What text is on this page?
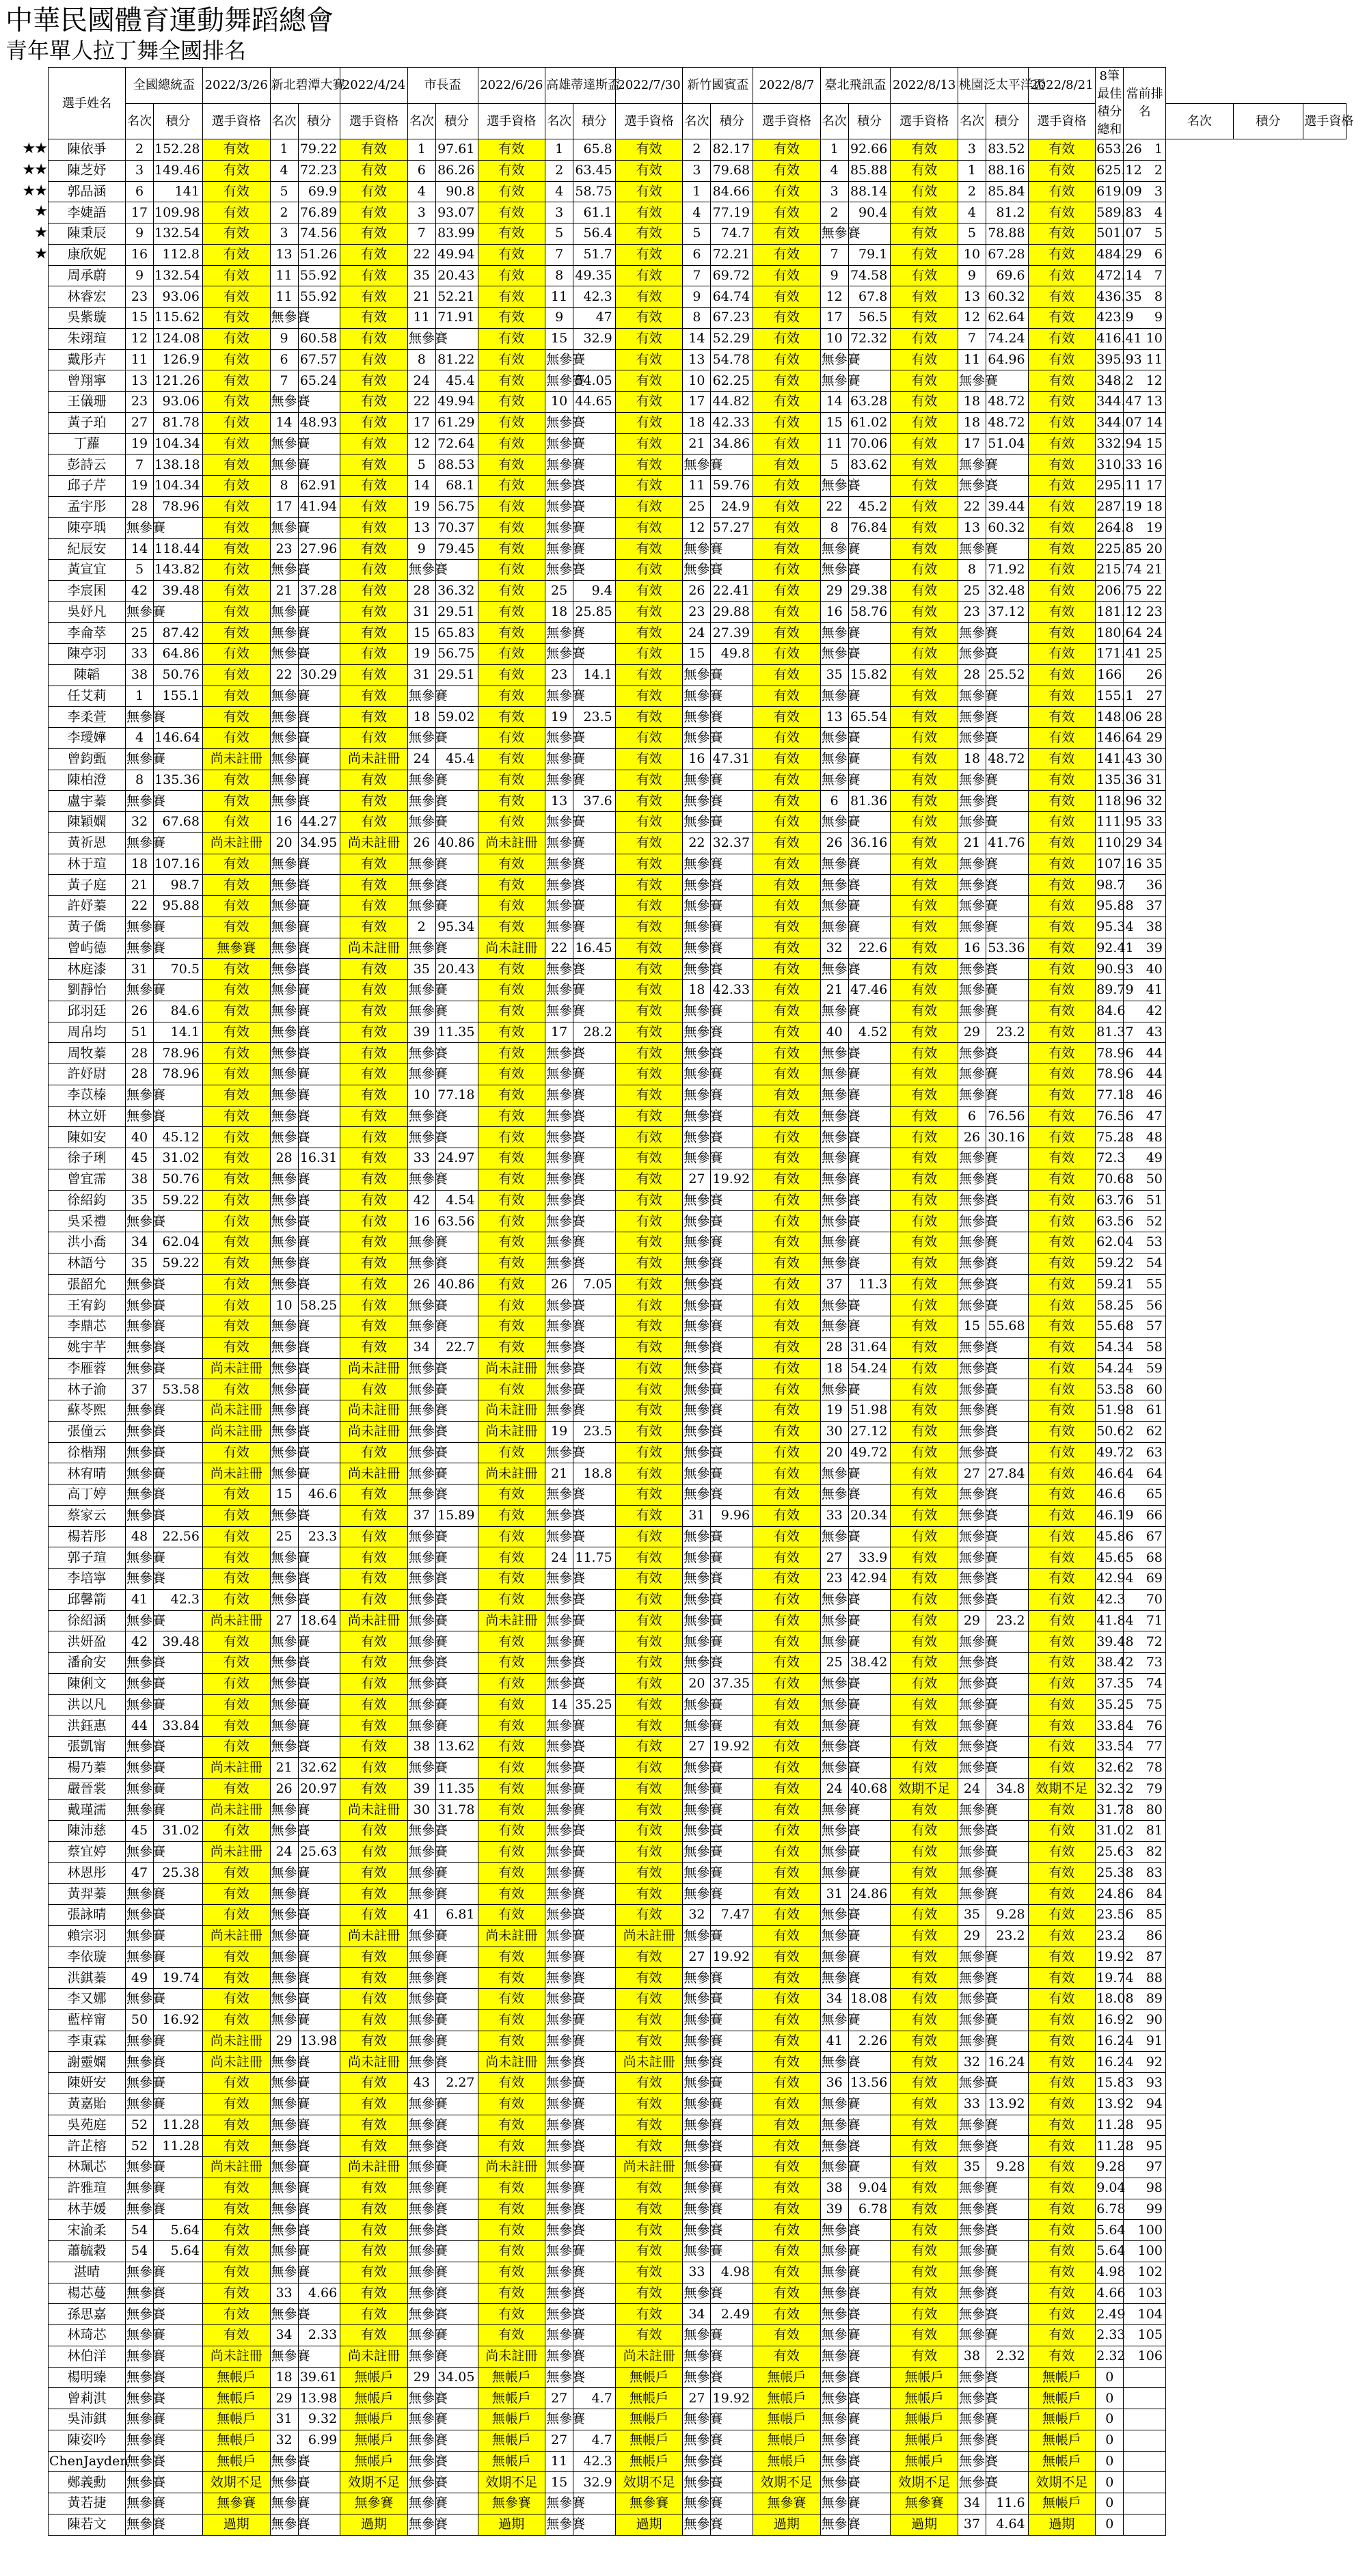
中華民國體育運動舞蹈總會
青年單人拉丁舞全國排名
★★
★★
★★
★
★
★
選手姓名	全國總統盃		2022/3/26	新北碧潭大賽		2022/4/24	市長盃		2022/6/26	高雄蒂達斯盃		2022/7/30	新竹國賓盃		2022/8/7	臺北飛訊盃		2022/8/13	桃園泛太平洋盃		2022/8/21	8筆最佳積分總和	當前排名			
	名次	積分	選手資格	名次	積分	選手資格	名次	積分	選手資格	名次	積分	選手資格	名次	積分	選手資格	名次	積分	選手資格	名次	積分	選手資格			名次	積分	選手資格
陳依爭	2	152.28	有效	1	79.22	有效	1	97.61	有效	1	65.8	有效	2	82.17	有效	1	92.66	有效	3	83.52	有效	653.26	1			
陳芝妤	3	149.46	有效	4	72.23	有效	6	86.26	有效	2	63.45	有效	3	79.68	有效	4	85.88	有效	1	88.16	有效	625.12	2			
郭品涵	6	141	有效	5	69.9	有效	4	90.8	有效	4	58.75	有效	1	84.66	有效	3	88.14	有效	2	85.84	有效	619.09	3			
李婕語	17	109.98	有效	2	76.89	有效	3	93.07	有效	3	61.1	有效	4	77.19	有效	2	90.4	有效	4	81.2	有效	589.83	4			
陳秉辰	9	132.54	有效	3	74.56	有效	7	83.99	有效	5	56.4	有效	5	74.7	有效	無參賽		有效	5	78.88	有效	501.07	5			
康欣妮	16	112.8	有效	13	51.26	有效	22	49.94	有效	7	51.7	有效	6	72.21	有效	7	79.1	有效	10	67.28	有效	484.29	6			
周承蔚	9	132.54	有效	11	55.92	有效	35	20.43	有效	8	49.35	有效	7	69.72	有效	9	74.58	有效	9	69.6	有效	472.14	7			
林睿宏	23	93.06	有效	11	55.92	有效	21	52.21	有效	11	42.3	有效	9	64.74	有效	12	67.8	有效	13	60.32	有效	436.35	8			
吳紫璇	15	115.62	有效	無參賽		有效	11	71.91	有效	9	47	有效	8	67.23	有效	17	56.5	有效	12	62.64	有效	423.9	9			
朱翊瑄	12	124.08	有效	9	60.58	有效	無參賽		有效	15	32.9	有效	14	52.29	有效	10	72.32	有效	7	74.24	有效	416.41	10			
戴彤卉	11	126.9	有效	6	67.57	有效	8	81.22	有效	無參賽		有效	13	54.78	有效	無參賽		有效	11	64.96	有效	395.93	11			
曾翔寧	13	121.26	有效	7	65.24	有效	24	45.4	有效	無參賽	54.05	有效	10	62.25	有效	無參賽		有效	無參賽		有效	348.2	12			
王儀珊	23	93.06	有效	無參賽		有效	22	49.94	有效	10	44.65	有效	17	44.82	有效	14	63.28	有效	18	48.72	有效	344.47	13			
黃子珀	27	81.78	有效	14	48.93	有效	17	61.29	有效	無參賽		有效	18	42.33	有效	15	61.02	有效	18	48.72	有效	344.07	14			
丁蘿	19	104.34	有效	無參賽		有效	12	72.64	有效	無參賽		有效	21	34.86	有效	11	70.06	有效	17	51.04	有效	332.94	15			
彭詩云	7	138.18	有效	無參賽		有效	5	88.53	有效	無參賽		有效	無參賽		有效	5	83.62	有效	無參賽		有效	310.33	16			
邱子芹	19	104.34	有效	8	62.91	有效	14	68.1	有效	無參賽		有效	11	59.76	有效	無參賽		有效	無參賽		有效	295.11	17			
孟宇彤	28	78.96	有效	17	41.94	有效	19	56.75	有效	無參賽		有效	25	24.9	有效	22	45.2	有效	22	39.44	有效	287.19	18			
陳亭瑀	無參賽		有效	無參賽		有效	13	70.37	有效	無參賽		有效	12	57.27	有效	8	76.84	有效	13	60.32	有效	264.8	19			
紀辰安	14	118.44	有效	23	27.96	有效	9	79.45	有效	無參賽		有效	無參賽		有效	無參賽		有效	無參賽		有效	225.85	20			
黃宣宜	5	143.82	有效	無參賽		有效	無參賽		有效	無參賽		有效	無參賽		有效	無參賽		有效	8	71.92	有效	215.74	21			
李宸囷	42	39.48	有效	21	37.28	有效	28	36.32	有效	25	9.4	有效	26	22.41	有效	29	29.38	有效	25	32.48	有效	206.75	22			
吳妤凡	無參賽		有效	無參賽		有效	31	29.51	有效	18	25.85	有效	23	29.88	有效	16	58.76	有效	23	37.12	有效	181.12	23			
李侖萃	25	87.42	有效	無參賽		有效	15	65.83	有效	無參賽		有效	24	27.39	有效	無參賽		有效	無參賽		有效	180.64	24			
陳亭羽	33	64.86	有效	無參賽		有效	19	56.75	有效	無參賽		有效	15	49.8	有效	無參賽		有效	無參賽		有效	171.41	25			
陳韜	38	50.76	有效	22	30.29	有效	31	29.51	有效	23	14.1	有效	無參賽		有效	35	15.82	有效	28	25.52	有效	166	26			
任艾莉	1	155.1	有效	無參賽		有效	無參賽		有效	無參賽		有效	無參賽		有效	無參賽		有效	無參賽		有效	155.1	27			
李柔萱	無參賽		有效	無參賽		有效	18	59.02	有效	19	23.5	有效	無參賽		有效	13	65.54	有效	無參賽		有效	148.06	28			
李璦嬅	4	146.64	有效	無參賽		有效	無參賽		有效	無參賽		有效	無參賽		有效	無參賽		有效	無參賽		有效	146.64	29			
曾鈞甄	無參賽		尚未註冊	無參賽		尚未註冊	24	45.4	有效	無參賽		有效	16	47.31	有效	無參賽		有效	18	48.72	有效	141.43	30			
陳柏澄	8	135.36	有效	無參賽		有效	無參賽		有效	無參賽		有效	無參賽		有效	無參賽		有效	無參賽		有效	135.36	31			
盧宇蓁	無參賽		有效	無參賽		有效	無參賽		有效	13	37.6	有效	無參賽		有效	6	81.36	有效	無參賽		有效	118.96	32			
陳穎嫻	32	67.68	有效	16	44.27	有效	無參賽		有效	無參賽		有效	無參賽		有效	無參賽		有效	無參賽		有效	111.95	33			
黃祈恩	無參賽		尚未註冊	20	34.95	尚未註冊	26	40.86	尚未註冊	無參賽		有效	22	32.37	有效	26	36.16	有效	21	41.76	有效	110.29	34			
林于瑄	18	107.16	有效	無參賽		有效	無參賽		有效	無參賽		有效	無參賽		有效	無參賽		有效	無參賽		有效	107.16	35			
黃子庭	21	98.7	有效	無參賽		有效	無參賽		有效	無參賽		有效	無參賽		有效	無參賽		有效	無參賽		有效	98.7	36			
許妤蓁	22	95.88	有效	無參賽		有效	無參賽		有效	無參賽		有效	無參賽		有效	無參賽		有效	無參賽		有效	95.88	37			
黃子僑	無參賽		有效	無參賽		有效	2	95.34	有效	無參賽		有效	無參賽		有效	無參賽		有效	無參賽		有效	95.34	38			
曾屿德	無參賽		無參賽	無參賽		尚未註冊	無參賽		尚未註冊	22	16.45	有效	無參賽		有效	32	22.6	有效	16	53.36	有效	92.41	39			
林庭漆	31	70.5	有效	無參賽		有效	35	20.43	有效	無參賽		有效	無參賽		有效	無參賽		有效	無參賽		有效	90.93	40			
劉靜怡	無參賽		有效	無參賽		有效	無參賽		有效	無參賽		有效	18	42.33	有效	21	47.46	有效	無參賽		有效	89.79	41			
邱羽廷	26	84.6	有效	無參賽		有效	無參賽		有效	無參賽		有效	無參賽		有效	無參賽		有效	無參賽		有效	84.6	42			
周帛均	51	14.1	有效	無參賽		有效	39	11.35	有效	17	28.2	有效	無參賽		有效	40	4.52	有效	29	23.2	有效	81.37	43			
周牧蓁	28	78.96	有效	無參賽		有效	無參賽		有效	無參賽		有效	無參賽		有效	無參賽		有效	無參賽		有效	78.96	44			
許妤尉	28	78.96	有效	無參賽		有效	無參賽		有效	無參賽		有效	無參賽		有效	無參賽		有效	無參賽		有效	78.96	44			
李苡榛	無參賽		有效	無參賽		有效	10	77.18	有效	無參賽		有效	無參賽		有效	無參賽		有效	無參賽		有效	77.18	46			
林立妍	無參賽		有效	無參賽		有效	無參賽		有效	無參賽		有效	無參賽		有效	無參賽		有效	6	76.56	有效	76.56	47			
陳如安	40	45.12	有效	無參賽		有效	無參賽		有效	無參賽		有效	無參賽		有效	無參賽		有效	26	30.16	有效	75.28	48			
徐子琍	45	31.02	有效	28	16.31	有效	33	24.97	有效	無參賽		有效	無參賽		有效	無參賽		有效	無參賽		有效	72.3	49			
曾宜霈	38	50.76	有效	無參賽		有效	無參賽		有效	無參賽		有效	27	19.92	有效	無參賽		有效	無參賽		有效	70.68	50			
徐紹鈞	35	59.22	有效	無參賽		有效	42	4.54	有效	無參賽		有效	無參賽		有效	無參賽		有效	無參賽		有效	63.76	51			
吳采禮	無參賽		有效	無參賽		有效	16	63.56	有效	無參賽		有效	無參賽		有效	無參賽		有效	無參賽		有效	63.56	52			
洪小喬	34	62.04	有效	無參賽		有效	無參賽		有效	無參賽		有效	無參賽		有效	無參賽		有效	無參賽		有效	62.04	53			
林語兮	35	59.22	有效	無參賽		有效	無參賽		有效	無參賽		有效	無參賽		有效	無參賽		有效	無參賽		有效	59.22	54			
張韶允	無參賽		有效	無參賽		有效	26	40.86	有效	26	7.05	有效	無參賽		有效	37	11.3	有效	無參賽		有效	59.21	55			
王宥鈞	無參賽		有效	10	58.25	有效	無參賽		有效	無參賽		有效	無參賽		有效	無參賽		有效	無參賽		有效	58.25	56			
李鼎芯	無參賽		有效	無參賽		有效	無參賽		有效	無參賽		有效	無參賽		有效	無參賽		有效	15	55.68	有效	55.68	57			
姚宇芊	無參賽		有效	無參賽		有效	34	22.7	有效	無參賽		有效	無參賽		有效	28	31.64	有效	無參賽		有效	54.34	58			
李雁蓉	無參賽		尚未註冊	無參賽		尚未註冊	無參賽		尚未註冊	無參賽		有效	無參賽		有效	18	54.24	有效	無參賽		有效	54.24	59			
林子渝	37	53.58	有效	無參賽		有效	無參賽		有效	無參賽		有效	無參賽		有效	無參賽		有效	無參賽		有效	53.58	60			
蘇苓熙	無參賽		尚未註冊	無參賽		尚未註冊	無參賽		尚未註冊	無參賽		有效	無參賽		有效	19	51.98	有效	無參賽		有效	51.98	61			
張僮云	無參賽		尚未註冊	無參賽		尚未註冊	無參賽		尚未註冊	19	23.5	有效	無參賽		有效	30	27.12	有效	無參賽		有效	50.62	62			
徐楷翔	無參賽		有效	無參賽		有效	無參賽		有效	無參賽		有效	無參賽		有效	20	49.72	有效	無參賽		有效	49.72	63			
林宥晴	無參賽		尚未註冊	無參賽		尚未註冊	無參賽		尚未註冊	21	18.8	有效	無參賽		有效	無參賽		有效	27	27.84	有效	46.64	64			
高丁婷	無參賽		有效	15	46.6	有效	無參賽		有效	無參賽		有效	無參賽		有效	無參賽		有效	無參賽		有效	46.6	65			
蔡家云	無參賽		有效	無參賽		有效	37	15.89	有效	無參賽		有效	31	9.96	有效	33	20.34	有效	無參賽		有效	46.19	66			
楊若彤	48	22.56	有效	25	23.3	有效	無參賽		有效	無參賽		有效	無參賽		有效	無參賽		有效	無參賽		有效	45.86	67			
郭子瑄	無參賽		有效	無參賽		有效	無參賽		有效	24	11.75	有效	無參賽		有效	27	33.9	有效	無參賽		有效	45.65	68			
李培寧	無參賽		有效	無參賽		有效	無參賽		有效	無參賽		有效	無參賽		有效	23	42.94	有效	無參賽		有效	42.94	69			
邱馨箭	41	42.3	有效	無參賽		有效	無參賽		有效	無參賽		有效	無參賽		有效	無參賽		有效	無參賽		有效	42.3	70			
徐紹涵	無參賽		尚未註冊	27	18.64	尚未註冊	無參賽		尚未註冊	無參賽		有效	無參賽		有效	無參賽		有效	29	23.2	有效	41.84	71			
洪妍盈	42	39.48	有效	無參賽		有效	無參賽		有效	無參賽		有效	無參賽		有效	無參賽		有效	無參賽		有效	39.48	72			
潘俞安	無參賽		有效	無參賽		有效	無參賽		有效	無參賽		有效	無參賽		有效	25	38.42	有效	無參賽		有效	38.42	73			
陳俐文	無參賽		有效	無參賽		有效	無參賽		有效	無參賽		有效	20	37.35	有效	無參賽		有效	無參賽		有效	37.35	74			
洪以凡	無參賽		有效	無參賽		有效	無參賽		有效	14	35.25	有效	無參賽		有效	無參賽		有效	無參賽		有效	35.25	75			
洪鈺惠	44	33.84	有效	無參賽		有效	無參賽		有效	無參賽		有效	無參賽		有效	無參賽		有效	無參賽		有效	33.84	76			
張凱甯	無參賽		有效	無參賽		有效	38	13.62	有效	無參賽		有效	27	19.92	有效	無參賽		有效	無參賽		有效	33.54	77			
楊乃蓁	無參賽		尚未註冊	21	32.62	有效	無參賽		有效	無參賽		有效	無參賽		有效	無參賽		有效	無參賽		有效	32.62	78			
嚴晉裳	無參賽		有效	26	20.97	有效	39	11.35	有效	無參賽		有效	無參賽		有效	24	40.68	效期不足	24	34.8	效期不足	32.32	79			
戴瑾濡	無參賽		尚未註冊	無參賽		尚未註冊	30	31.78	有效	無參賽		有效	無參賽		有效	無參賽		有效	無參賽		有效	31.78	80			
陳沛慈	45	31.02	有效	無參賽		有效	無參賽		有效	無參賽		有效	無參賽		有效	無參賽		有效	無參賽		有效	31.02	81			
蔡宜婷	無參賽		尚未註冊	24	25.63	有效	無參賽		有效	無參賽		有效	無參賽		有效	無參賽		有效	無參賽		有效	25.63	82			
林恩彤	47	25.38	有效	無參賽		有效	無參賽		有效	無參賽		有效	無參賽		有效	無參賽		有效	無參賽		有效	25.38	83			
黃羿蓁	無參賽		有效	無參賽		有效	無參賽		有效	無參賽		有效	無參賽		有效	31	24.86	有效	無參賽		有效	24.86	84			
張詠晴	無參賽		有效	無參賽		有效	41	6.81	有效	無參賽		有效	32	7.47	有效	無參賽		有效	35	9.28	有效	23.56	85			
賴宗羽	無參賽		尚未註冊	無參賽		尚未註冊	無參賽		尚未註冊	無參賽		尚未註冊	無參賽		有效	無參賽		有效	29	23.2	有效	23.2	86			
李依璇	無參賽		有效	無參賽		有效	無參賽		有效	無參賽		有效	27	19.92	有效	無參賽		有效	無參賽		有效	19.92	87			
洪錤蓁	49	19.74	有效	無參賽		有效	無參賽		有效	無參賽		有效	無參賽		有效	無參賽		有效	無參賽		有效	19.74	88			
李又娜	無參賽		有效	無參賽		有效	無參賽		有效	無參賽		有效	無參賽		有效	34	18.08	有效	無參賽		有效	18.08	89			
藍梓甯	50	16.92	有效	無參賽		有效	無參賽		有效	無參賽		有效	無參賽		有效	無參賽		有效	無參賽		有效	16.92	90			
李東霖	無參賽		尚未註冊	29	13.98	有效	無參賽		有效	無參賽		有效	無參賽		有效	41	2.26	有效	無參賽		有效	16.24	91			
謝靈嫻	無參賽		尚未註冊	無參賽		尚未註冊	無參賽		尚未註冊	無參賽		尚未註冊	無參賽		有效	無參賽		有效	32	16.24	有效	16.24	92			
陳妍安	無參賽		有效	無參賽		有效	43	2.27	有效	無參賽		有效	無參賽		有效	36	13.56	有效	無參賽		有效	15.83	93			
黃嘉貽	無參賽		有效	無參賽		有效	無參賽		有效	無參賽		有效	無參賽		有效	無參賽		有效	33	13.92	有效	13.92	94			
吳苑庭	52	11.28	有效	無參賽		有效	無參賽		有效	無參賽		有效	無參賽		有效	無參賽		有效	無參賽		有效	11.28	95			
許芷榕	52	11.28	有效	無參賽		有效	無參賽		有效	無參賽		有效	無參賽		有效	無參賽		有效	無參賽		有效	11.28	95			
林珮芯	無參賽		尚未註冊	無參賽		尚未註冊	無參賽		尚未註冊	無參賽		尚未註冊	無參賽		有效	無參賽		有效	35	9.28	有效	9.28	97			
許雅瑄	無參賽		有效	無參賽		有效	無參賽		有效	無參賽		有效	無參賽		有效	38	9.04	有效	無參賽		有效	9.04	98			
林芋媛	無參賽		有效	無參賽		有效	無參賽		有效	無參賽		有效	無參賽		有效	39	6.78	有效	無參賽		有效	6.78	99			
宋渝柔	54	5.64	有效	無參賽		有效	無參賽		有效	無參賽		有效	無參賽		有效	無參賽		有效	無參賽		有效	5.64	100			
蕭毓穀	54	5.64	有效	無參賽		有效	無參賽		有效	無參賽		有效	無參賽		有效	無參賽		有效	無參賽		有效	5.64	100			
湛晴	無參賽		有效	無參賽		有效	無參賽		有效	無參賽		有效	33	4.98	有效	無參賽		有效	無參賽		有效	4.98	102			
楊芯蔓	無參賽		有效	33	4.66	有效	無參賽		有效	無參賽		有效	無參賽		有效	無參賽		有效	無參賽		有效	4.66	103			
孫思嘉	無參賽		有效	無參賽		有效	無參賽		有效	無參賽		有效	34	2.49	有效	無參賽		有效	無參賽		有效	2.49	104			
林琦芯	無參賽		有效	34	2.33	有效	無參賽		有效	無參賽		有效	無參賽		有效	無參賽		有效	無參賽		有效	2.33	105			
林伯洋	無參賽		尚未註冊	無參賽		尚未註冊	無參賽		尚未註冊	無參賽		尚未註冊	無參賽		有效	無參賽		有效	38	2.32	有效	2.32	106			
楊明臻	無參賽		無帳戶	18	39.61	無帳戶	29	34.05	無帳戶	無參賽		無帳戶	無參賽		無帳戶	無參賽		無帳戶	無參賽		無帳戶	0				
曾莉淇	無參賽		無帳戶	29	13.98	無帳戶	無參賽		無帳戶	27	4.7	無帳戶	27	19.92	無帳戶	無參賽		無帳戶	無參賽		無帳戶	0				
吳沛錤	無參賽		無帳戶	31	9.32	無帳戶	無參賽		無帳戶	無參賽		無帳戶	無參賽		無帳戶	無參賽		無帳戶	無參賽		無帳戶	0				
陳姿吟	無參賽		無帳戶	32	6.99	無帳戶	無參賽		無帳戶	27	4.7	無帳戶	無參賽		無帳戶	無參賽		無帳戶	無參賽		無帳戶	0				
ChenJayden	無參賽		無帳戶	無參賽		無帳戶	無參賽		無帳戶	11	42.3	無帳戶	無參賽		無帳戶	無參賽		無帳戶	無參賽		無帳戶	0				
鄭義勳	無參賽		效期不足	無參賽		效期不足	無參賽		效期不足	15	32.9	效期不足	無參賽		效期不足	無參賽		效期不足	無參賽		效期不足	0				
黃若捷	無參賽		無參賽	無參賽		無參賽	無參賽		無參賽	無參賽		無參賽	無參賽		無參賽	無參賽		無參賽	34	11.6	無帳戶	0				
陳若文	無參賽		過期	無參賽		過期	無參賽		過期	無參賽		過期	無參賽		過期	無參賽		過期	37	4.64	過期	0				
